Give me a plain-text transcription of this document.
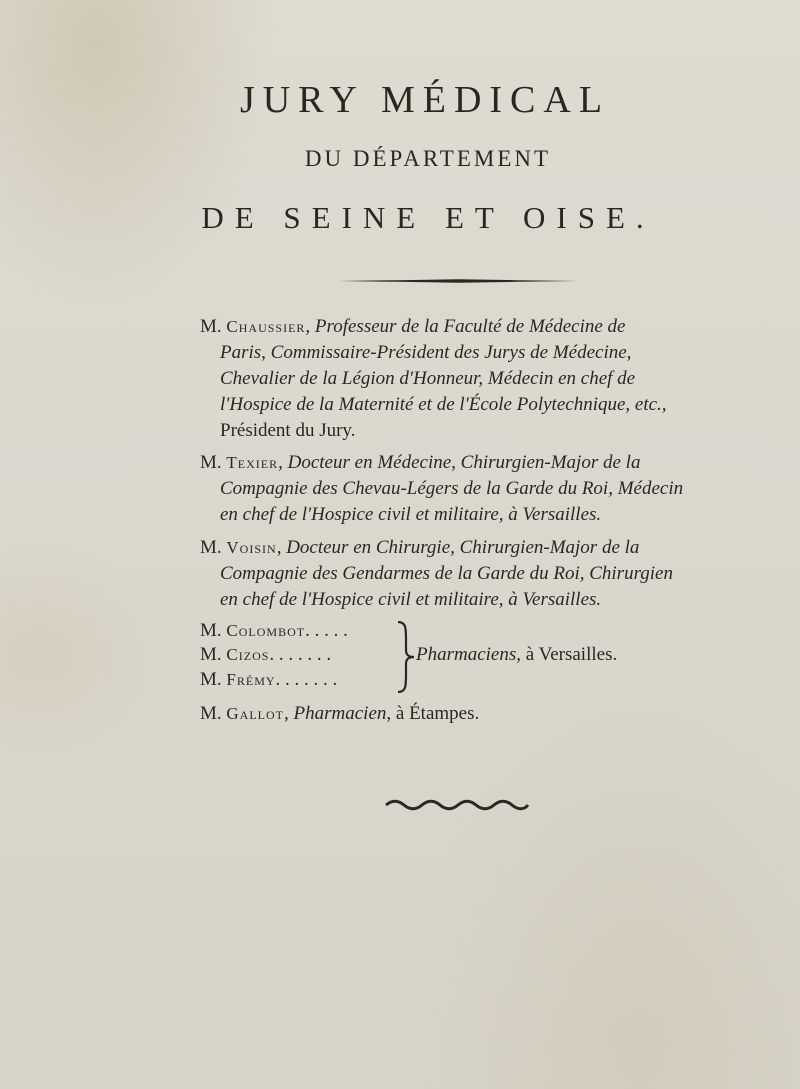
JURY MÉDICAL
DU DÉPARTEMENT
DE SEINE ET OISE.
M. Chaussier, Professeur de la Faculté de Médecine de
Paris, Commissaire-Président des Jurys de Médecine,
Chevalier de la Légion d'Honneur, Médecin en chef de
l'Hospice de la Maternité et de l'École Polytechnique, etc.,
Président du Jury.
M. Texier, Docteur en Médecine, Chirurgien-Major de la
Compagnie des Chevau-Légers de la Garde du Roi, Médecin
en chef de l'Hospice civil et militaire, à Versailles.
M. Voisin, Docteur en Chirurgie, Chirurgien-Major de la
Compagnie des Gendarmes de la Garde du Roi, Chirurgien
en chef de l'Hospice civil et militaire, à Versailles.
M. Colombot. . . . .
M. Cizos. . . . . . .
M. Frémy. . . . . . .
Pharmaciens, à Versailles.
M. Gallot, Pharmacien, à Étampes.
